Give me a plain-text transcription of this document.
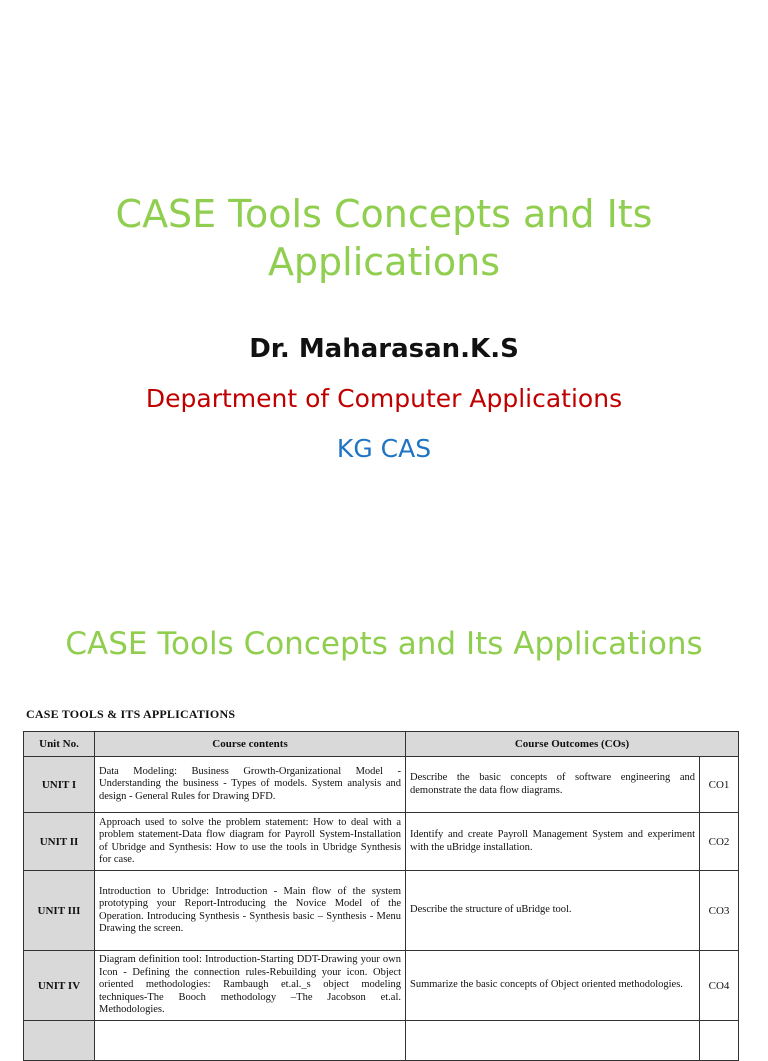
CASE Tools Concepts and Its
Applications
Dr. Maharasan.K.S
Department of Computer Applications
KG CAS
CASE Tools Concepts and Its Applications
CASE TOOLS & ITS APPLICATIONS
Unit No.	Course contents	Course Outcomes (COs)	
UNIT I	Data Modeling: Business Growth-Organizational Model - Understanding the business - Types of models. System analysis and design - General Rules for Drawing DFD.	Describe the basic concepts of software engineering and demonstrate the data flow diagrams.	CO1
UNIT II	Approach used to solve the problem statement: How to deal with a problem statement-Data flow diagram for Payroll System-Installation of Ubridge and Synthesis: How to use the tools in Ubridge Synthesis for case.	Identify and create Payroll Management System and experiment with the uBridge installation.	CO2
UNIT III	Introduction to Ubridge: Introduction - Main flow of the system prototyping your Report-Introducing the Novice Model of the Operation. Introducing Synthesis - Synthesis basic – Synthesis - Menu Drawing the screen.	Describe the structure of uBridge tool.	CO3
UNIT IV	Diagram definition tool: Introduction-Starting DDT-Drawing your own Icon - Defining the connection rules-Rebuilding your icon. Object oriented methodologies: Rambaugh et.al._s object modeling techniques-The Booch methodology –The Jacobson et.al. Methodologies.	Summarize the basic concepts of Object oriented methodologies.	CO4
